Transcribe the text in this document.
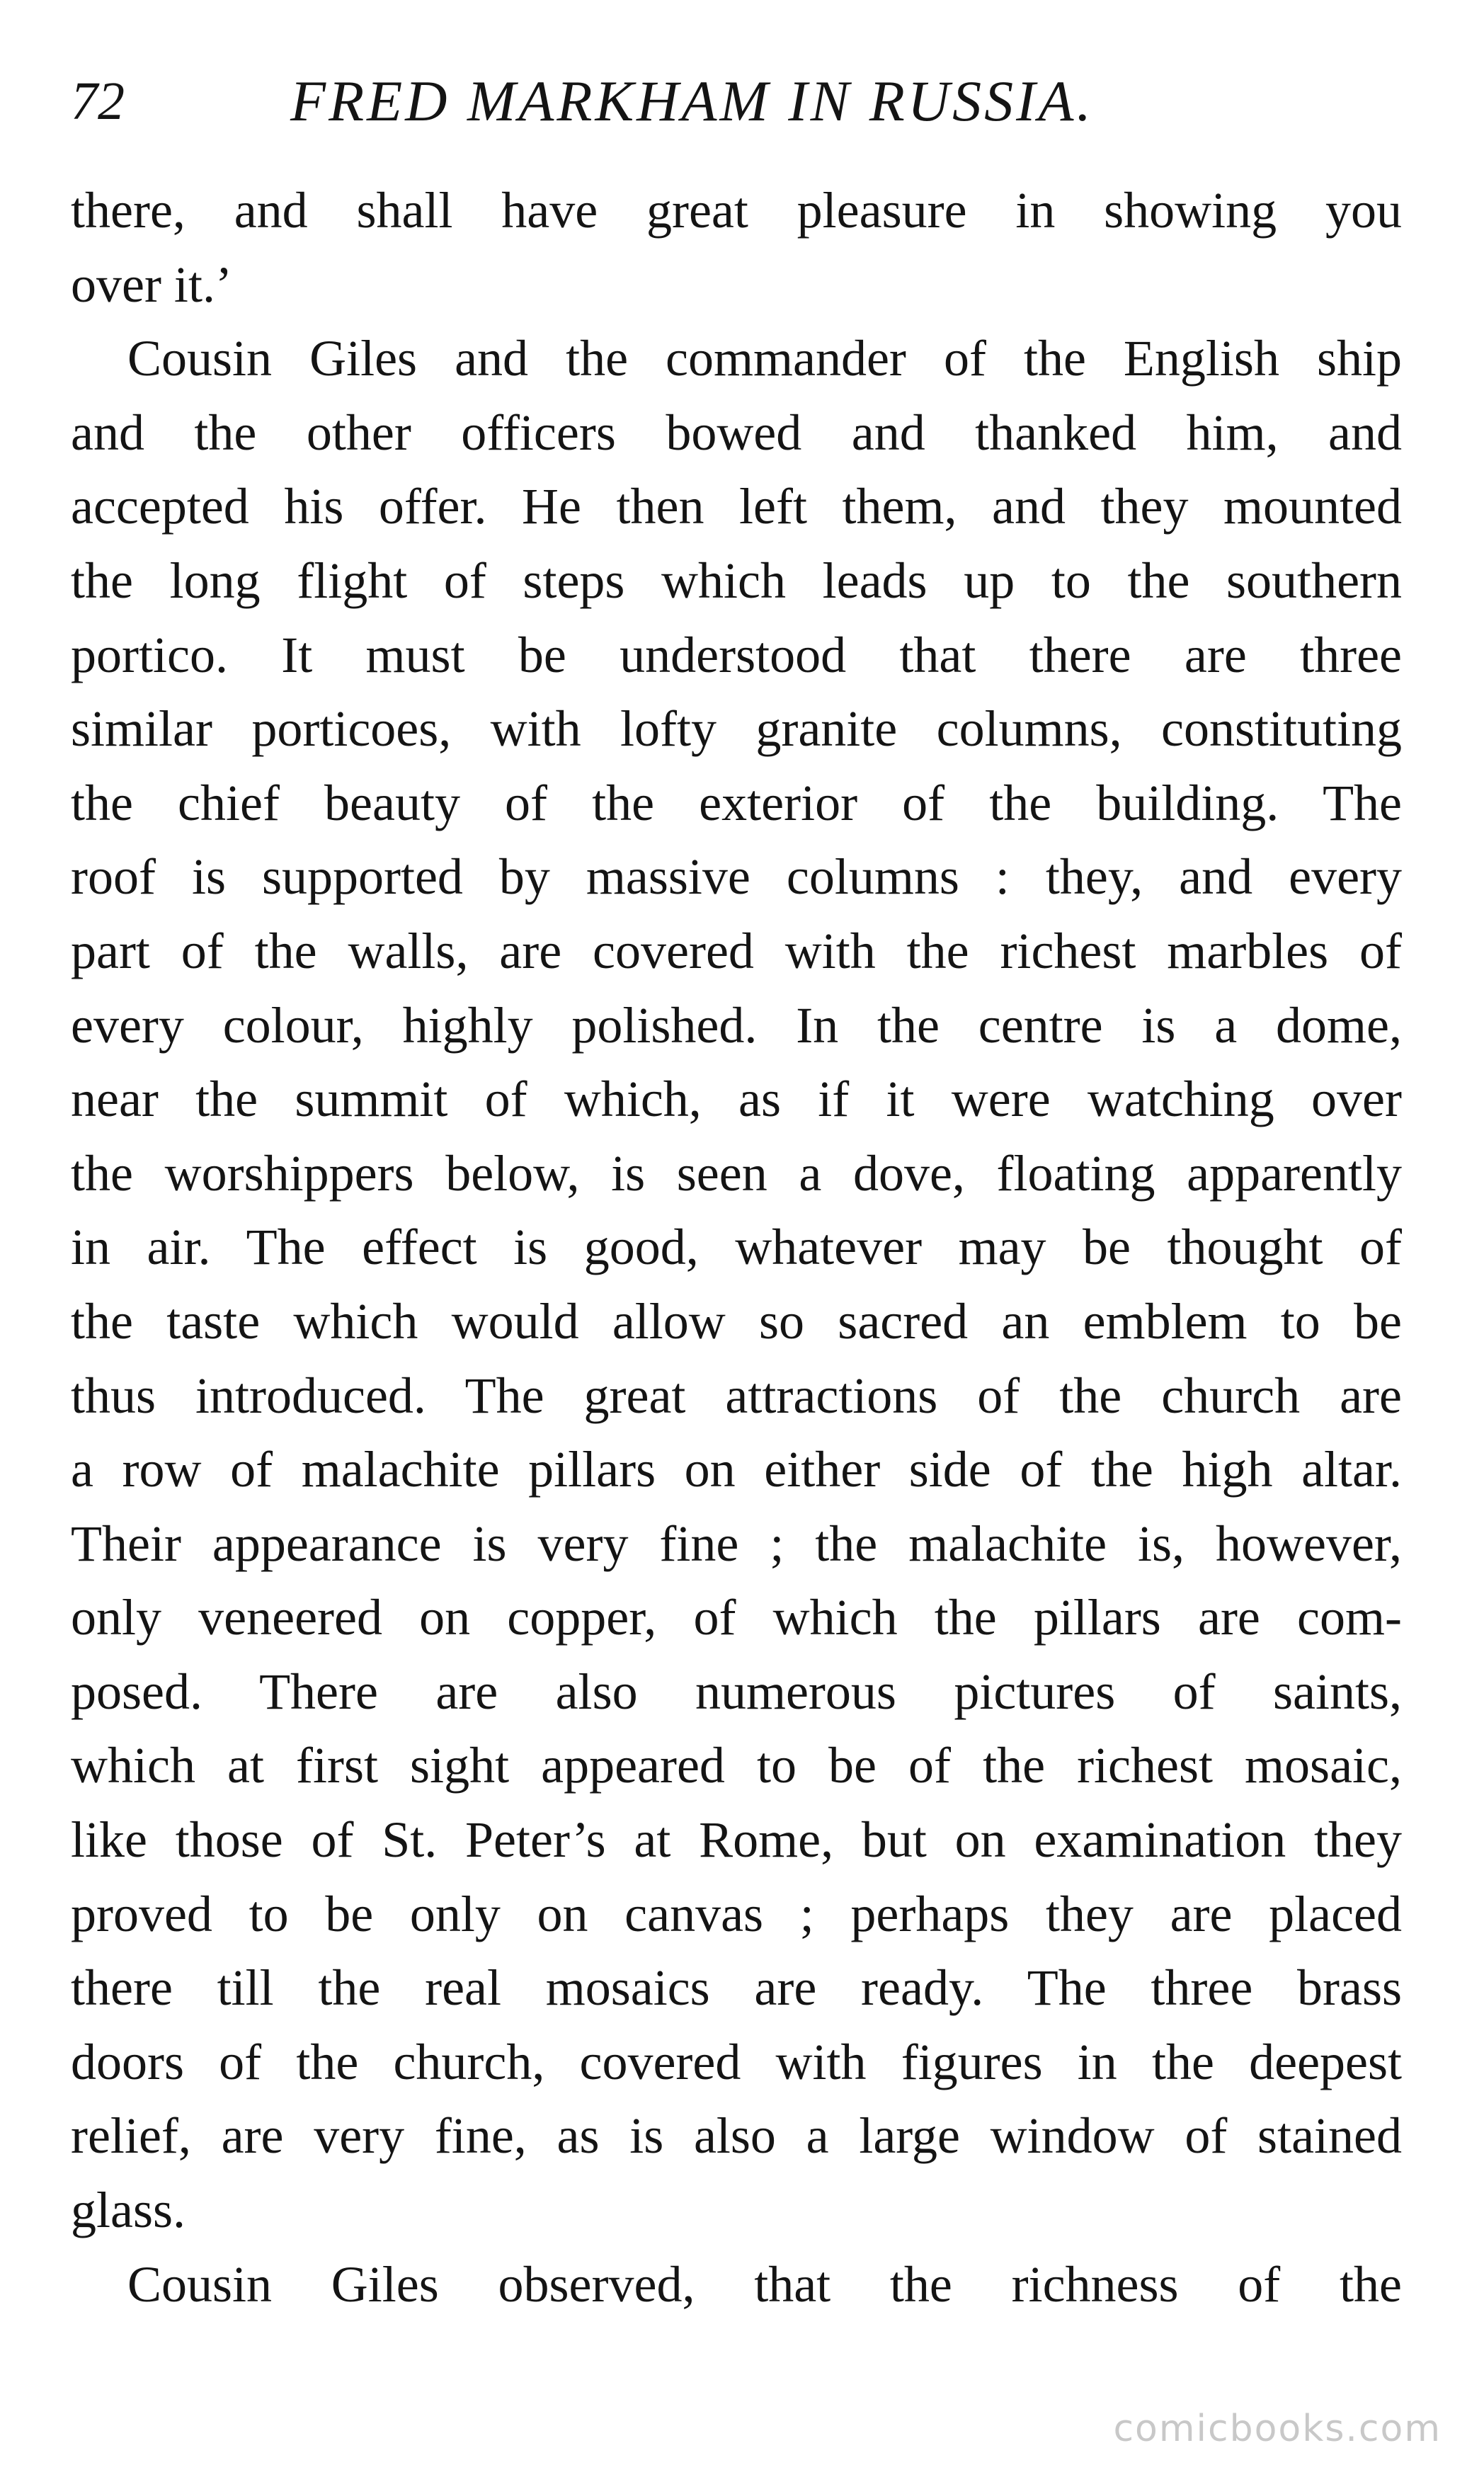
72	FRED MARKHAM IN RUSSIA.
there, and shall have great pleasure in showing you
over it.’
Cousin Giles and the commander of the English ship
and the other officers bowed and thanked him, and
accepted his offer. He then left them, and they mounted
the long flight of steps which leads up to the southern
portico. It must be understood that there are three
similar porticoes, with lofty granite columns, constituting
the chief beauty of the exterior of the building. The
roof is supported by massive columns : they, and every
part of the walls, are covered with the richest marbles of
every colour, highly polished. In the centre is a dome,
near the summit of which, as if it were watching over
the worshippers below, is seen a dove, floating apparently
in air. The effect is good, whatever may be thought of
the taste which would allow so sacred an emblem to be
thus introduced. The great attractions of the church are
a row of malachite pillars on either side of the high altar.
Their appearance is very fine ; the malachite is, however,
only veneered on copper, of which the pillars are com-
posed. There are also numerous pictures of saints,
which at first sight appeared to be of the richest mosaic,
like those of St. Peter’s at Rome, but on examination they
proved to be only on canvas ; perhaps they are placed
there till the real mosaics are ready. The three brass
doors of the church, covered with figures in the deepest
relief, are very fine, as is also a large window of stained
glass.
Cousin Giles observed, that the richness of the
comicbooks.com
